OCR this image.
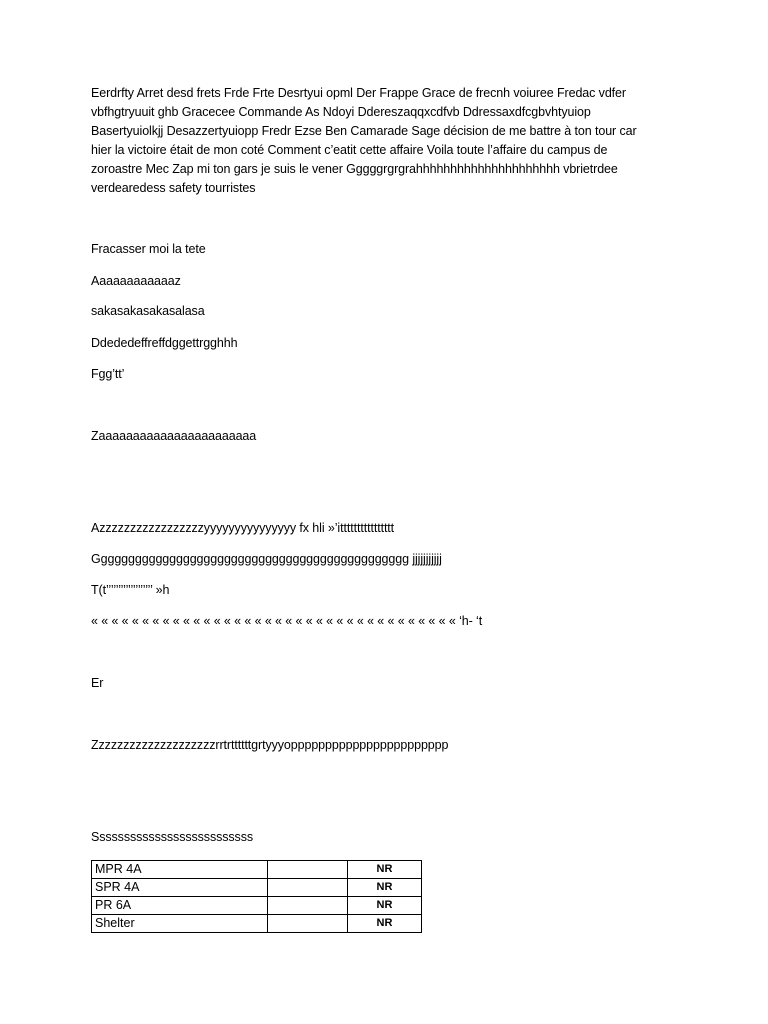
Eerdrfty Arret desd frets Frde Frte Desrtyui opml Der Frappe Grace de frecnh voiuree Fredac vdfer
vbfhgtryuuit ghb Gracecee Commande As Ndoyi Ddereszaqqxcdfvb Ddressaxdfcgbvhtyuiop
Basertyuiolkjj Desazzertyuiopp Fredr Ezse Ben Camarade Sage décision de me battre à ton tour car
hier la victoire était de mon coté Comment c’eatit cette affaire Voila toute l’affaire du campus de
zoroastre Mec Zap mi ton gars je suis le vener Gggggrgrgrahhhhhhhhhhhhhhhhhhhhh vbrietrdee
verdearedess safety tourristes
Fracasser moi la tete
Aaaaaaaaaaaaz
sakasakasakasalasa
Ddededeffreffdggettrgghhh
Fgg’tt’
Zaaaaaaaaaaaaaaaaaaaaaaa
Azzzzzzzzzzzzzzzzzyyyyyyyyyyyyyyy fx hli »’itttttttttttttttt
Gggggggggggggggggggggggggggggggggggggggggggggg jjjjjjjjjjj
T(t’’’’’’’’’’’’’’’’’’’ »h
« « « « « « « « « « « « « « « « « « « « « « « « « « « « « « « « « « « « ‘h- ‘t
Er
Zzzzzzzzzzzzzzzzzzzzrrtrttttttgrtyyyoppppppppppppppppppppppp
Ssssssssssssssssssssssssss
MPR 4A		NR
SPR 4A		NR
PR 6A		NR
Shelter		NR
